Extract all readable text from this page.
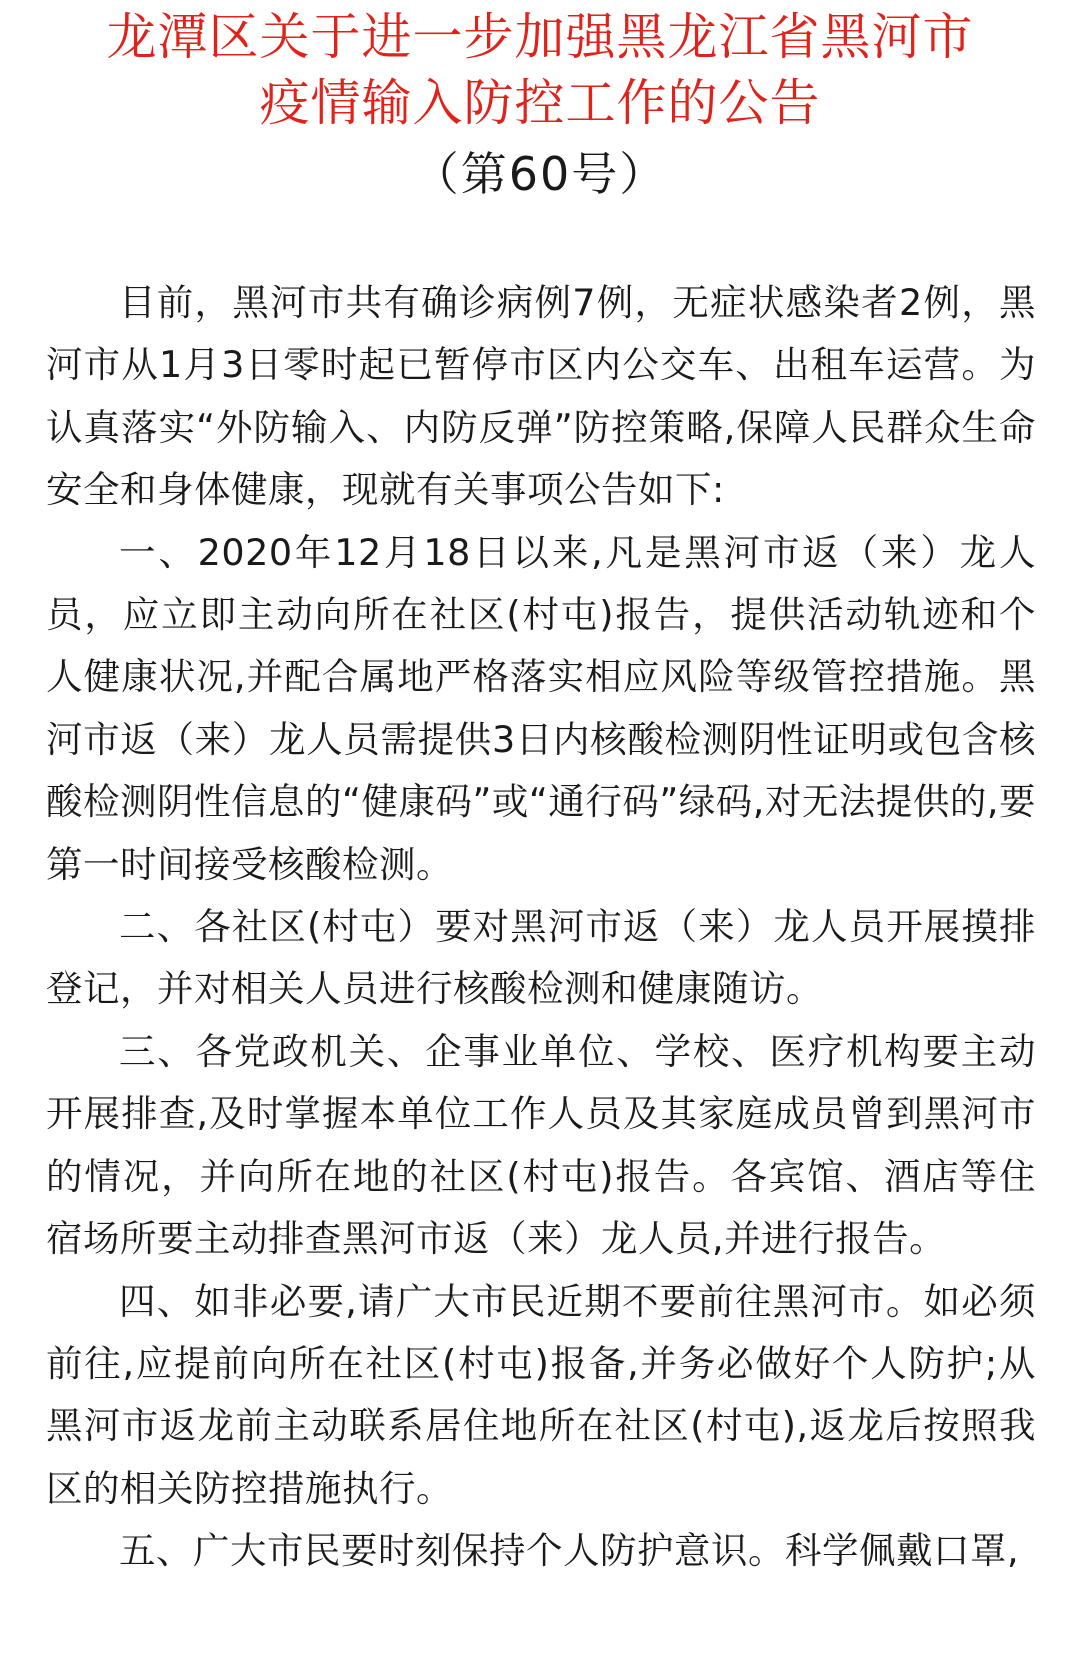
龙潭区关于进一步加强黑龙江省黑河市
疫情输入防控工作的公告
（第60号）

目前，黑河市共有确诊病例7例，无症状感染者2例，黑河市从1月3日零时起已暂停市区内公交车、出租车运营。为认真落实“外防输入、内防反弹”防控策略,保障人民群众生命安全和身体健康，现就有关事项公告如下:

一、2020年12月18日以来,凡是黑河市返（来）龙人员，应立即主动向所在社区(村屯)报告，提供活动轨迹和个人健康状况,并配合属地严格落实相应风险等级管控措施。黑河市返（来）龙人员需提供3日内核酸检测阴性证明或包含核酸检测阴性信息的“健康码”或“通行码”绿码,对无法提供的,要第一时间接受核酸检测。

二、各社区(村屯）要对黑河市返（来）龙人员开展摸排登记，并对相关人员进行核酸检测和健康随访。

三、各党政机关、企事业单位、学校、医疗机构要主动开展排查,及时掌握本单位工作人员及其家庭成员曾到黑河市的情况，并向所在地的社区(村屯)报告。各宾馆、酒店等住宿场所要主动排查黑河市返（来）龙人员,并进行报告。

四、如非必要,请广大市民近期不要前往黑河市。如必须前往,应提前向所在社区(村屯)报备,并务必做好个人防护;从黑河市返龙前主动联系居住地所在社区(村屯),返龙后按照我区的相关防控措施执行。

五、广大市民要时刻保持个人防护意识。科学佩戴口罩,
